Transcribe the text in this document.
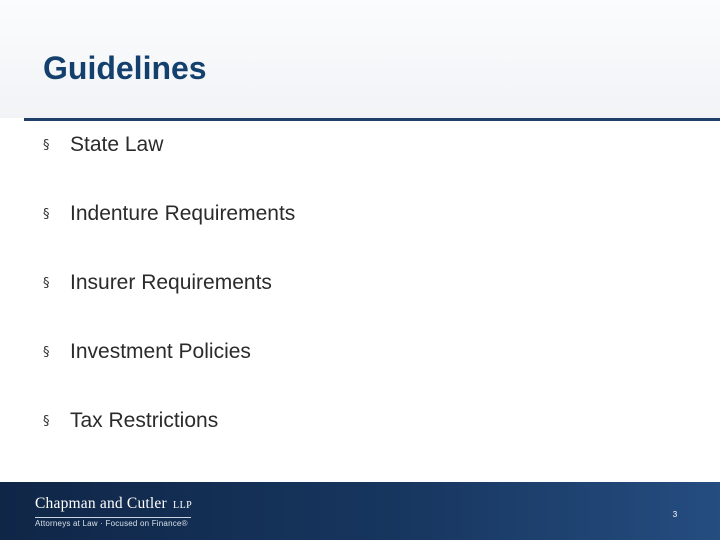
Guidelines
§ State Law
§ Indenture Requirements
§ Insurer Requirements
§ Investment Policies
§ Tax Restrictions
Chapman and Cutler LLP
Attorneys at Law · Focused on Finance®
3
